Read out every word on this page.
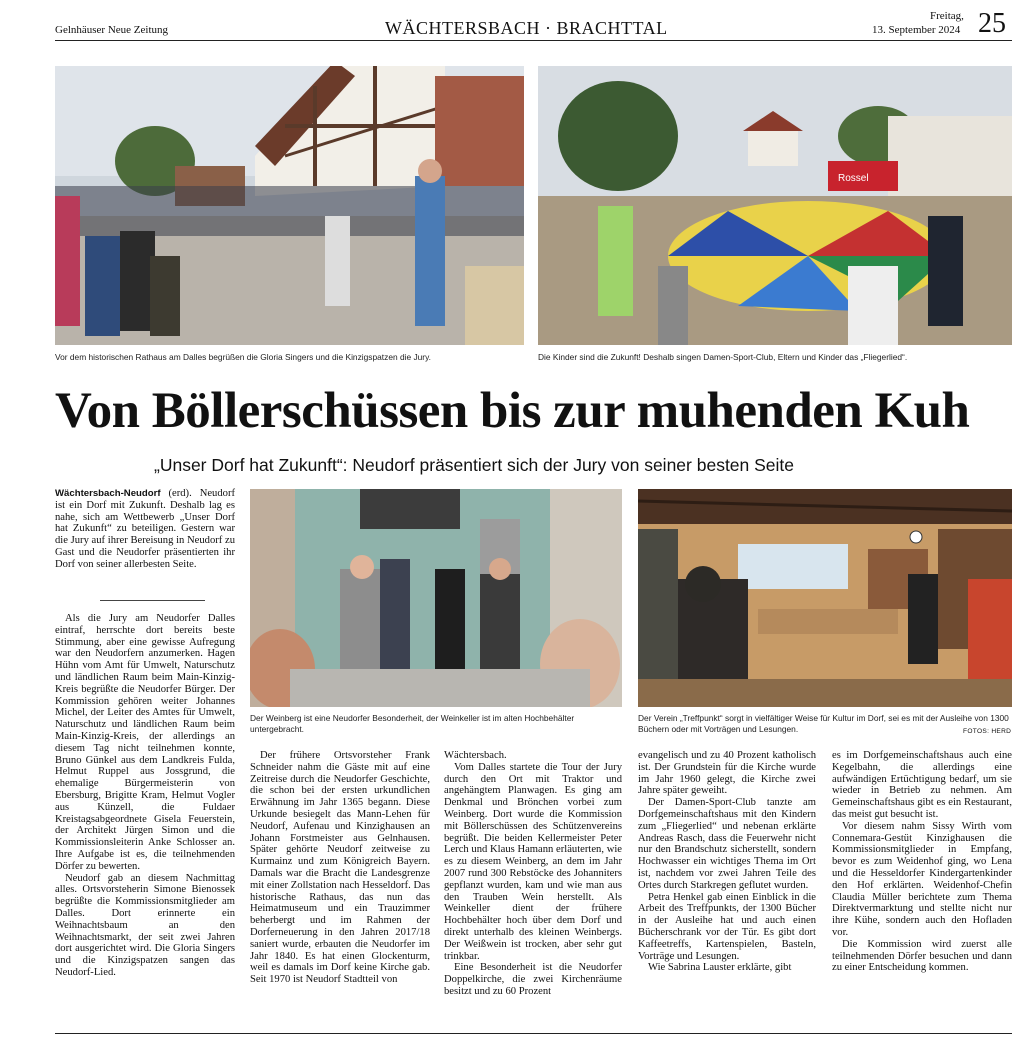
Gelnhäuser Neue Zeitung	WÄCHTERSBACH · BRACHTTAL
Freitag,
13. September 2024 25
Vor dem historischen Rathaus am Dalles begrüßen die Gloria Singers und die Kinzigspatzen die Jury.
Rossel
Die Kinder sind die Zukunft! Deshalb singen Damen-Sport-Club, Eltern und Kinder das „Fliegerlied“.
Von Böllerschüssen bis zur muhenden Kuh
„Unser Dorf hat Zukunft“: Neudorf präsentiert sich der Jury von seiner besten Seite
Der Weinberg ist eine Neudorfer Besonderheit, der Weinkeller ist im alten Hochbehälter untergebracht.
Der Verein „Treffpunkt“ sorgt in vielfältiger Weise für Kultur im Dorf, sei es mit der Ausleihe von 1300 Büchern oder mit Vorträgen und Lesungen.	FOTOS: HERD

Wächtersbach-Neudorf (erd). Neudorf ist ein Dorf mit Zukunft. Deshalb lag es nahe, sich am Wettbewerb „Unser Dorf hat Zukunft“ zu beteiligen. Gestern war die Jury auf ihrer Bereisung in Neudorf zu Gast und die Neudorfer präsentierten ihr Dorf von seiner allerbesten Seite.

Als die Jury am Neudorfer Dalles eintraf, herrschte dort bereits beste Stimmung, aber eine gewisse Aufregung war den Neudorfern anzumerken. Hagen Hühn vom Amt für Umwelt, Naturschutz und ländlichen Raum beim Main-Kinzig-Kreis begrüßte die Neudorfer Bürger. Der Kommission gehören weiter Johannes Michel, der Leiter des Amtes für Umwelt, Naturschutz und ländlichen Raum beim Main-Kinzig-Kreis, der allerdings an diesem Tag nicht teilnehmen konnte, Bruno Günkel aus dem Landkreis Fulda, Helmut Ruppel aus Jossgrund, die ehemalige Bürgermeisterin von Ebersburg, Brigitte Kram, Helmut Vogler aus Künzell, die Fuldaer Kreistagsabgeordnete Gisela Feuerstein, der Architekt Jürgen Simon und die Kommissionsleiterin Anke Schlosser an. Ihre Aufgabe ist es, die teilnehmenden Dörfer zu bewerten.

Neudorf gab an diesem Nachmittag alles. Ortsvorsteherin Simone Bienossek begrüßte die Kommissionsmitglieder am Dalles. Dort erinnerte ein Weihnachtsbaum an den Weihnachtsmarkt, der seit zwei Jahren dort ausgerichtet wird. Die Gloria Singers und die Kinzigspatzen sangen das Neudorf-Lied.

Der frühere Ortsvorsteher Frank Schneider nahm die Gäste mit auf eine Zeitreise durch die Neudorfer Geschichte, die schon bei der ersten urkundlichen Erwähnung im Jahr 1365 begann. Diese Urkunde besiegelt das Mann-Lehen für Neudorf, Aufenau und Kinzighausen an Johann Forstmeister aus Gelnhausen. Später gehörte Neudorf zeitweise zu Kurmainz und zum Königreich Bayern. Damals war die Bracht die Landesgrenze mit einer Zollstation nach Hesseldorf. Das historische Rathaus, das nun das Heimatmuseum und ein Trauzimmer beherbergt und im Rahmen der Dorferneuerung in den Jahren 2017/18 saniert wurde, erbauten die Neudorfer im Jahr 1840. Es hat einen Glockenturm, weil es damals im Dorf keine Kirche gab. Seit 1970 ist Neudorf Stadtteil von

Wächtersbach.

Vom Dalles startete die Tour der Jury durch den Ort mit Traktor und angehängtem Planwagen. Es ging am Denkmal und Brönchen vorbei zum Weinberg. Dort wurde die Kommission mit Böllerschüssen des Schützenvereins begrüßt. Die beiden Kellermeister Peter Lerch und Klaus Hamann erläuterten, wie es zu diesem Weinberg, an dem im Jahr 2007 rund 300 Rebstöcke des Johanniters gepflanzt wurden, kam und wie man aus den Trauben Wein herstellt. Als Weinkeller dient der frühere Hochbehälter hoch über dem Dorf und direkt unterhalb des kleinen Weinbergs. Der Weißwein ist trocken, aber sehr gut trinkbar.

Eine Besonderheit ist die Neudorfer Doppelkirche, die zwei Kirchenräume besitzt und zu 60 Prozent

evangelisch und zu 40 Prozent katholisch ist. Der Grundstein für die Kirche wurde im Jahr 1960 gelegt, die Kirche zwei Jahre später geweiht.

Der Damen-Sport-Club tanzte am Dorfgemeinschaftshaus mit den Kindern zum „Fliegerlied“ und nebenan erklärte Andreas Rasch, dass die Feuerwehr nicht nur den Brandschutz sicherstellt, sondern Hochwasser ein wichtiges Thema im Ort ist, nachdem vor zwei Jahren Teile des Ortes durch Starkregen geflutet wurden.

Petra Henkel gab einen Einblick in die Arbeit des Treffpunkts, der 1300 Bücher in der Ausleihe hat und auch einen Bücherschrank vor der Tür. Es gibt dort Kaffeetreffs, Kartenspielen, Basteln, Vorträge und Lesungen.

Wie Sabrina Lauster erklärte, gibt

es im Dorfgemeinschaftshaus auch eine Kegelbahn, die allerdings eine aufwändigen Ertüchtigung bedarf, um sie wieder in Betrieb zu nehmen. Am Gemeinschaftshaus gibt es ein Restaurant, das meist gut besucht ist.

Vor diesem nahm Sissy Wirth vom Connemara-Gestüt Kinzighausen die Kommissionsmitglieder in Empfang, bevor es zum Weidenhof ging, wo Lena und die Hesseldorfer Kindergartenkinder den Hof erklärten. Weidenhof-Chefin Claudia Müller berichtete zum Thema Direktvermarktung und stellte nicht nur ihre Kühe, sondern auch den Hofladen vor.

Die Kommission wird zuerst alle teilnehmenden Dörfer besuchen und dann zu einer Entscheidung kommen.
